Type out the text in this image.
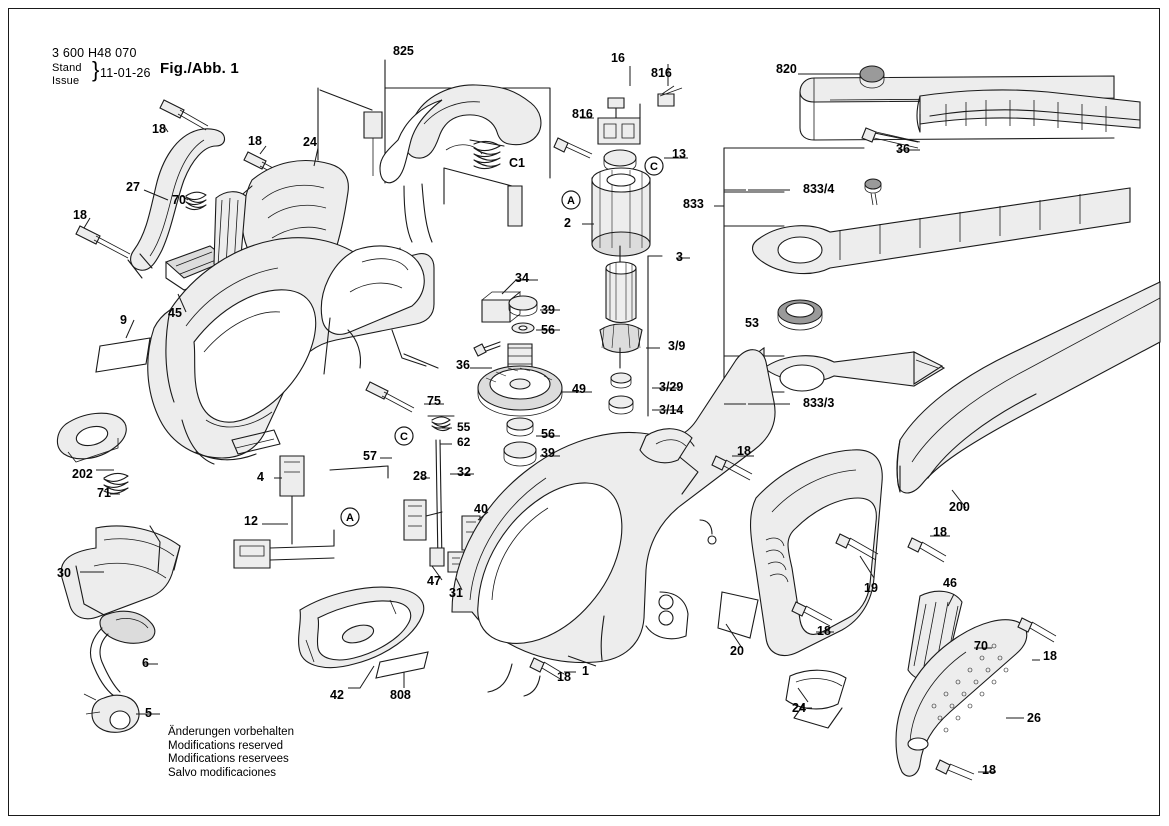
3 600 H48 070
Stand
Issue } 11-01-26 Fig./Abb. 1
A
C
A
C
825	16
816	820
816
18
18	24
13	36
C1
27	833/4
70	833
18
2
3
34
45	39
9	53
56
3/9
36
75
3/29
49
3/14	833/3
202
55
62
56
39
71
4
57
28 32
18
12
40
18
30
19	46
47
31
18
6
20	70
18
200
42	808
18 1
5	24
26
18
Änderungen vorbehalten
Modifications reserved
Modifications reservees
Salvo modificaciones
